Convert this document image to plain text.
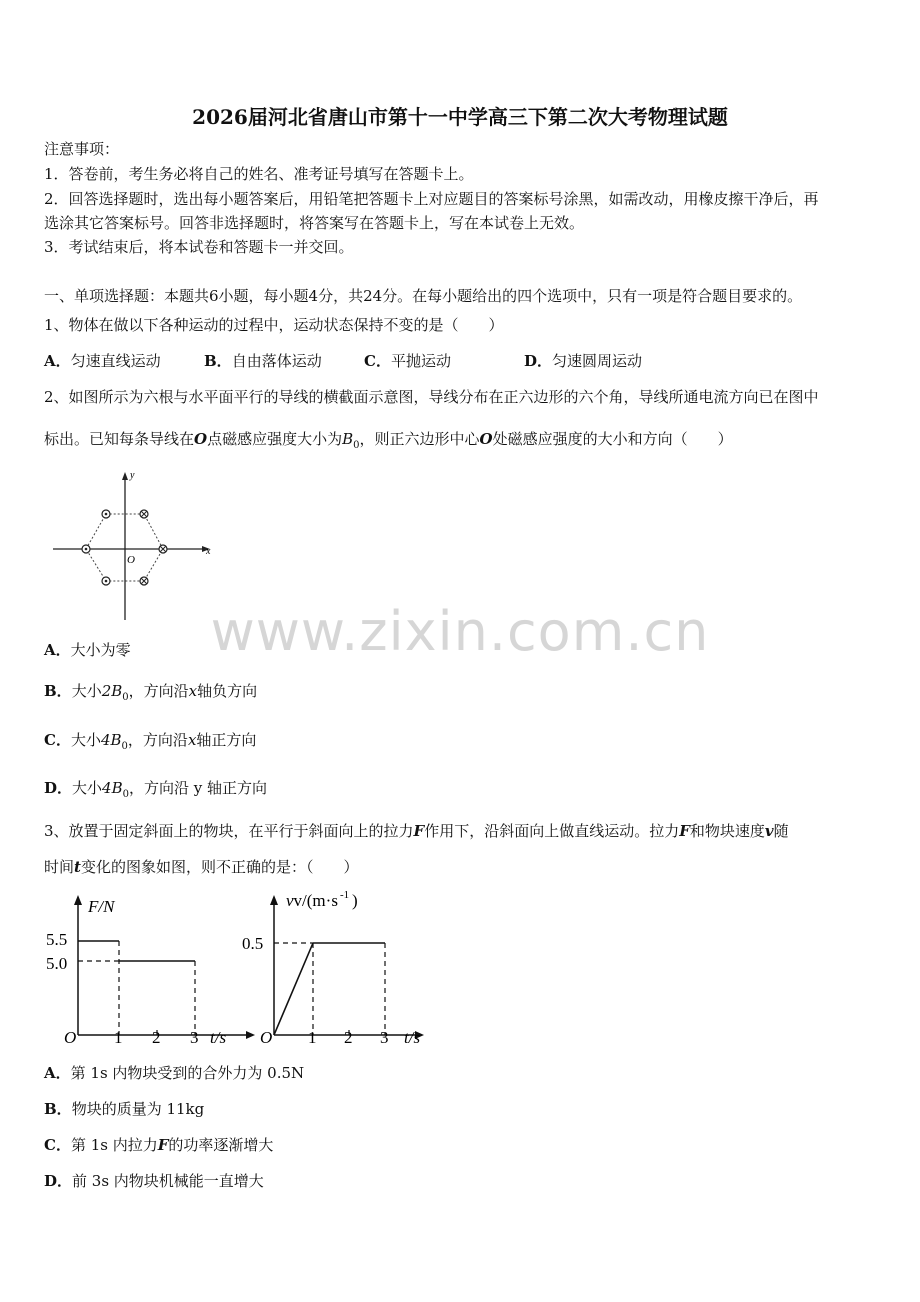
2026届河北省唐山市第十一中学高三下第二次大考物理试题
注意事项：
1．答卷前，考生务必将自己的姓名、准考证号填写在答题卡上。
2．回答选择题时，选出每小题答案后，用铅笔把答题卡上对应题目的答案标号涂黑，如需改动，用橡皮擦干净后，再
选涂其它答案标号。回答非选择题时，将答案写在答题卡上，写在本试卷上无效。
3．考试结束后，将本试卷和答题卡一并交回。
一、单项选择题：本题共6小题，每小题4分，共24分。在每小题给出的四个选项中，只有一项是符合题目要求的。
1、物体在做以下各种运动的过程中，运动状态保持不变的是（　　）
A．匀速直线运动	B．自由落体运动	C．平抛运动	D．匀速圆周运动
2、如图所示为六根与水平面平行的导线的横截面示意图，导线分布在正六边形的六个角，导线所通电流方向已在图中
标出。已知每条导线在O点磁感应强度大小为$B_0$，则正六边形中心O处磁感应强度的大小和方向（　　）
x
y
O
A．大小为零
B．大小$2B_0$，方向沿x轴负方向
C．大小$4B_0$，方向沿x轴正方向
D．大小$4B_0$，方向沿 y 轴正方向
3、放置于固定斜面上的物块，在平行于斜面向上的拉力F作用下，沿斜面向上做直线运动。拉力F和物块速度v随
时间t变化的图象如图，则不正确的是：（　　）
F/N
5.5
5.0
O 1 2 3 t/s
vv/(m·s -1 )
0.5
O 1 2 3 t/s
A．第 1s 内物块受到的合外力为 0.5N
B．物块的质量为 11kg
C．第 1s 内拉力F的功率逐渐增大
D．前 3s 内物块机械能一直增大
www.zixin.com.cn
